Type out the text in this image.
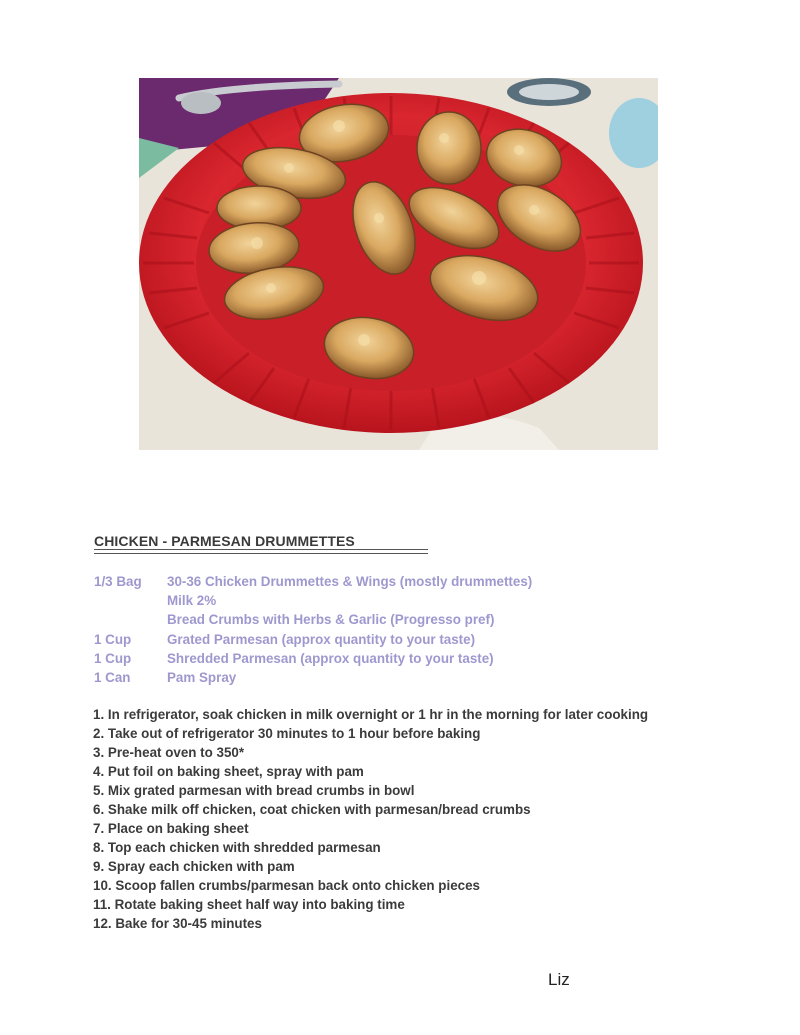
CHICKEN - PARMESAN DRUMMETTES
1/3 Bag 30-36 Chicken Drummettes & Wings (mostly drummettes)
Milk 2%
Bread Crumbs with Herbs & Garlic (Progresso pref)
1 Cup	Grated Parmesan (approx quantity to your taste)
1 Cup	Shredded Parmesan (approx quantity to your taste)
1 Can	Pam Spray
1. In refrigerator, soak chicken in milk overnight or 1 hr in the morning for later cooking
2. Take out of refrigerator 30 minutes to 1 hour before baking
3. Pre-heat oven to 350*
4. Put foil on baking sheet, spray with pam
5. Mix grated parmesan with bread crumbs in bowl
6. Shake milk off chicken, coat chicken with parmesan/bread crumbs
7. Place on baking sheet
8. Top each chicken with shredded parmesan
9. Spray each chicken with pam
10. Scoop fallen crumbs/parmesan back onto chicken pieces
11. Rotate baking sheet half way into baking time
12. Bake for 30-45 minutes
Liz
